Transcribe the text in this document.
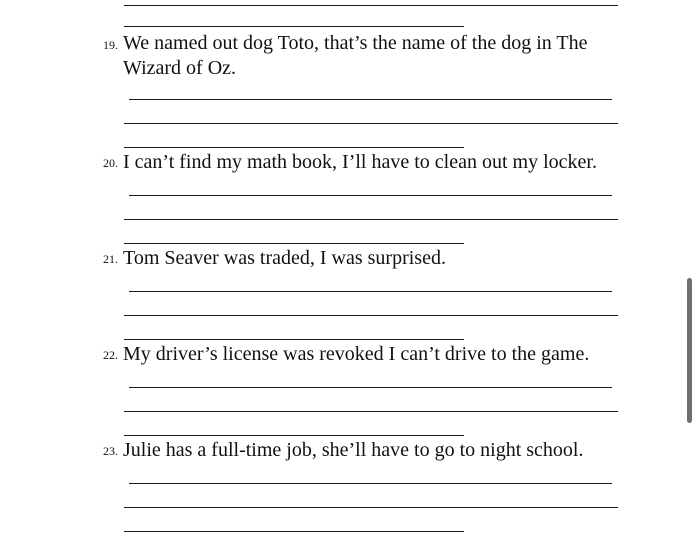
19. We named out dog Toto, that’s the name of the dog in The
Wizard of Oz.
20. I can’t find my math book, I’ll have to clean out my locker.
21. Tom Seaver was traded, I was surprised.
22. My driver’s license was revoked I can’t drive to the game.
23. Julie has a full-time job, she’ll have to go to night school.
